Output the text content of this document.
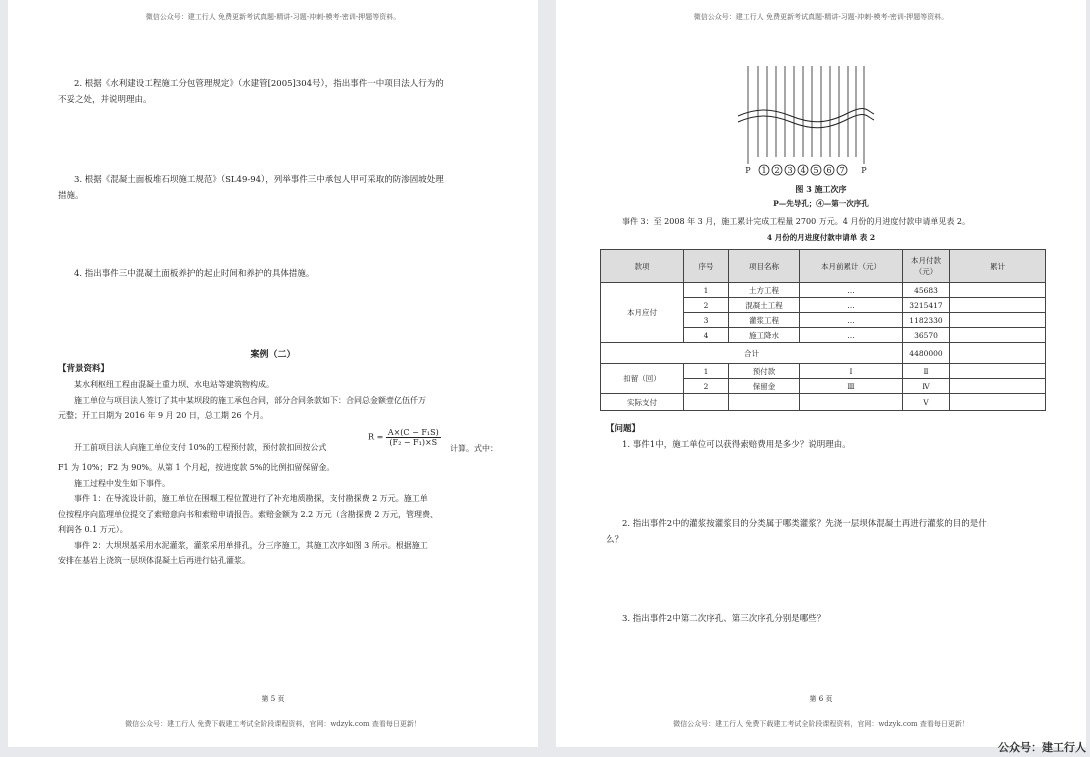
微信公众号：建工行人 免费更新考试真题-精讲-习题-冲刺-模考-密训-押题等资料。
2. 根据《水利建设工程施工分包管理规定》（水建管[2005]304号），指出事件一中项目法人行为的
不妥之处，并说明理由。
3. 根据《混凝土面板堆石坝施工规范》（SL49-94），列举事件三中承包人甲可采取的防渗固坡处理
措施。
4. 指出事件三中混凝土面板养护的起止时间和养护的具体措施。
案例（二）
【背景资料】

某水利枢纽工程由混凝土重力坝、水电站等建筑物构成。

施工单位与项目法人签订了其中某坝段的施工承包合同，部分合同条款如下：合同总金额壹亿伍仟万

元整；开工日期为 2016 年 9 月 20 日，总工期 26 个月。

开工前项目法人向施工单位支付 10%的工程预付款，预付款扣回按公式

$R = \frac{\text{A×(C − F₁S)}}{\text{(F₂ − F₁)×S}}$
计算。式中：

F1 为 10%；F2 为 90%。从第 1 个月起，按进度款 5%的比例扣留保留金。

施工过程中发生如下事件。

事件 1：在导流设计前，施工单位在围堰工程位置进行了补充地质勘探，支付勘探费 2 万元。施工单

位按程序向监理单位提交了索赔意向书和索赔申请报告。索赔金额为 2.2 万元（含勘探费 2 万元，管理费、

利润各 0.1 万元）。

事件 2：大坝坝基采用水泥灌浆，灌浆采用单排孔，分三序施工，其施工次序如图 3 所示。根据施工

安排在基岩上浇筑一层坝体混凝土后再进行钻孔灌浆。

第 5 页
微信公众号：建工行人 免费下载建工考试全阶段课程资料，官网：wdzyk.com 查看每日更新！
微信公众号：建工行人 免费更新考试真题-精讲-习题-冲刺-模考-密训-押题等资料。
P 1 2 3 4 5 6 7 P
图 3 施工次序
P—先导孔；④—第一次序孔
事件 3：至 2008 年 3 月，施工累计完成工程量 2700 万元。4 月份的月进度付款申请单见表 2。
4 月份的月进度付款申请单 表 2
款项	序号	项目名称	本月前累计（元）	本月付款（元）	累计
本月应付	1	土方工程	…	45683	
	2	混凝土工程	…	3215417	
	3	灌浆工程	…	1182330	
	4	施工降水	…	36570	
合计				4480000	
扣留（回）	1	预付款	Ⅰ	Ⅱ	
	2	保留金	Ⅲ	Ⅳ	
实际支付				Ⅴ	
【问题】
1. 事件1中，施工单位可以获得索赔费用是多少？说明理由。
2. 指出事件2中的灌浆按灌浆目的分类属于哪类灌浆？先浇一层坝体混凝土再进行灌浆的目的是什
么？
3. 指出事件2中第二次序孔、第三次序孔分别是哪些？
第 6 页
微信公众号：建工行人 免费下载建工考试全阶段课程资料，官网：wdzyk.com 查看每日更新！
公众号：建工行人
